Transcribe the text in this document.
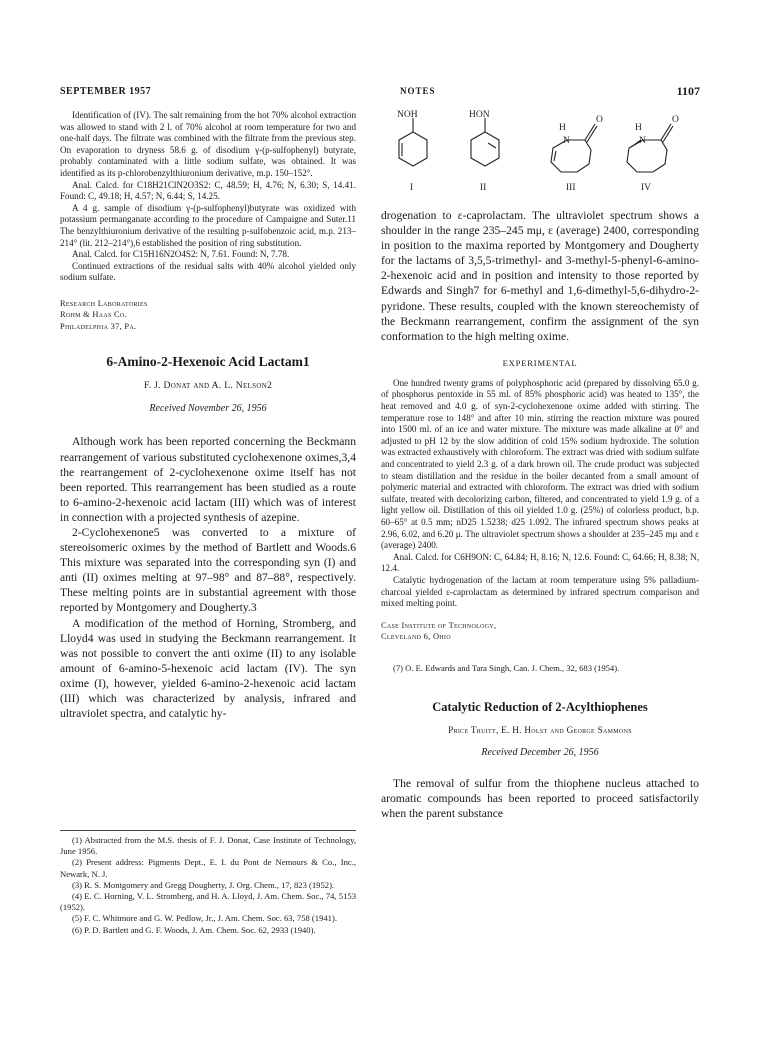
SEPTEMBER 1957	NOTES	1107

Identification of (IV). The salt remaining from the hot 70% alcohol extraction was allowed to stand with 2 l. of 70% alcohol at room temperature for two and one-half days. The filtrate was combined with the filtrate from the previous step. On evaporation to dryness 58.6 g. of disodium γ-(p-sulfophenyl) butyrate, probably contaminated with a little sodium sulfate, was obtained. It was identified as its p-chlorobenzylthiuronium derivative, m.p. 150–152°.

Anal. Calcd. for C18H21ClN2O3S2: C, 48.59; H, 4.76; N, 6.30; S, 14.41. Found: C, 49.18; H, 4.57; N, 6.44; S, 14.25.

A 4 g. sample of disodium γ-(p-sulfophenyl)butyrate was oxidized with potassium permanganate according to the procedure of Campaigne and Suter.11 The benzylthiuronium derivative of the resulting p-sulfobenzoic acid, m.p. 213–214° (lit. 212–214°),6 established the position of ring substitution.

Anal. Calcd. for C15H16N2O4S2: N, 7.61. Found: N, 7.78.

Continued extractions of the residual salts with 40% alcohol yielded only sodium sulfate.

Research Laboratories
Rohm & Haas Co.
Philadelphia 37, Pa.
6-Amino-2-Hexenoic Acid Lactam1
F. J. Donat and A. L. Nelson2
Received November 26, 1956

Although work has been reported concerning the Beckmann rearrangement of various substituted cyclohexenone oximes,3,4 the rearrangement of 2-cyclohexenone oxime itself has not been reported. This rearrangement has been studied as a route to 6-amino-2-hexenoic acid lactam (III) which was of interest in connection with a projected synthesis of azepine.

2-Cyclohexenone5 was converted to a mixture of stereoisomeric oximes by the method of Bartlett and Woods.6 This mixture was separated into the corresponding syn (I) and anti (II) oximes melting at 97–98° and 87–88°, respectively. These melting points are in substantial agreement with those reported by Montgomery and Dougherty.3

A modification of the method of Horning, Stromberg, and Lloyd4 was used in studying the Beckmann rearrangement. It was not possible to convert the anti oxime (II) to any isolable amount of 6-amino-5-hexenoic acid lactam (IV). The syn oxime (I), however, yielded 6-amino-2-hexenoic acid lactam (III) which was characterized by analysis, infrared and ultraviolet spectra, and catalytic hy-

(1) Abstracted from the M.S. thesis of F. J. Donat, Case Institute of Technology, June 1956.

(2) Present address: Pigments Dept., E. I. du Pont de Nemours & Co., Inc., Newark, N. J.

(3) R. S. Montgomery and Gregg Dougherty, J. Org. Chem., 17, 823 (1952).

(4) E. C. Horning, V. L. Stromberg, and H. A. Lloyd, J. Am. Chem. Soc., 74, 5153 (1952).

(5) F. C. Whitmore and G. W. Pedlow, Jr., J. Am. Chem. Soc. 63, 758 (1941).

(6) P. D. Bartlett and G. F. Woods, J. Am. Chem. Soc. 62, 2933 (1940).

NOH	HON
H
N
O
H
N
O
I	II	III	IV

drogenation to ε-caprolactam. The ultraviolet spectrum shows a shoulder in the range 235–245 mμ, ε (average) 2400, corresponding in position to the maxima reported by Montgomery and Dougherty for the lactams of 3,5,5-trimethyl- and 3-methyl-5-phenyl-6-amino-2-hexenoic acid and in position and intensity to those reported by Edwards and Singh7 for 6-methyl and 1,6-dimethyl-5,6-dihydro-2-pyridone. These results, coupled with the known stereochemisty of the Beckmann rearrangement, confirm the assignment of the syn conformation to the high melting oxime.

EXPERIMENTAL

One hundred twenty grams of polyphosphoric acid (prepared by dissolving 65.0 g. of phosphorus pentoxide in 55 ml. of 85% phosphoric acid) was heated to 135°, the heat removed and 4.0 g. of syn-2-cyclohexenone oxime added with stirring. The temperature rose to 148° and after 10 min. stirring the reaction mixture was poured into 1500 ml. of an ice and water mixture. The mixture was made alkaline at 0° and adjusted to pH 12 by the slow addition of cold 15% sodium hydroxide. The solution was extracted exhaustively with chloroform. The extract was dried with sodium sulfate and concentrated to yield 2.3 g. of a dark brown oil. The crude product was subjected to steam distillation and the residue in the boiler decanted from a small amount of polymeric material and extracted with chloroform. The extract was dried with sodium sulfate, treated with decolorizing carbon, filtered, and concentrated to yield 1.9 g. of a light yellow oil. Distillation of this oil yielded 1.0 g. (25%) of colorless product, b.p. 60–65° at 0.5 mm; nD25 1.5238; d25 1.092. The infrared spectrum shows peaks at 2.96, 6.02, and 6.20 μ. The ultraviolet spectrum shows a shoulder at 235–245 mμ and ε (average) 2400.

Anal. Calcd. for C6H9ON: C, 64.84; H, 8.16; N, 12.6. Found: C, 64.66; H, 8.38; N, 12.4.

Catalytic hydrogenation of the lactam at room temperature using 5% palladium-charcoal yielded ε-caprolactam as determined by infrared spectrum comparison and mixed melting point.

Case Institute of Technology,
Cleveland 6, Ohio

(7) O. E. Edwards and Tara Singh, Can. J. Chem., 32, 683 (1954).

Catalytic Reduction of 2-Acylthiophenes
Price Truitt, E. H. Holst and George Sammons
Received December 26, 1956

The removal of sulfur from the thiophene nucleus attached to aromatic compounds has been reported to proceed satisfactorily when the parent substance
